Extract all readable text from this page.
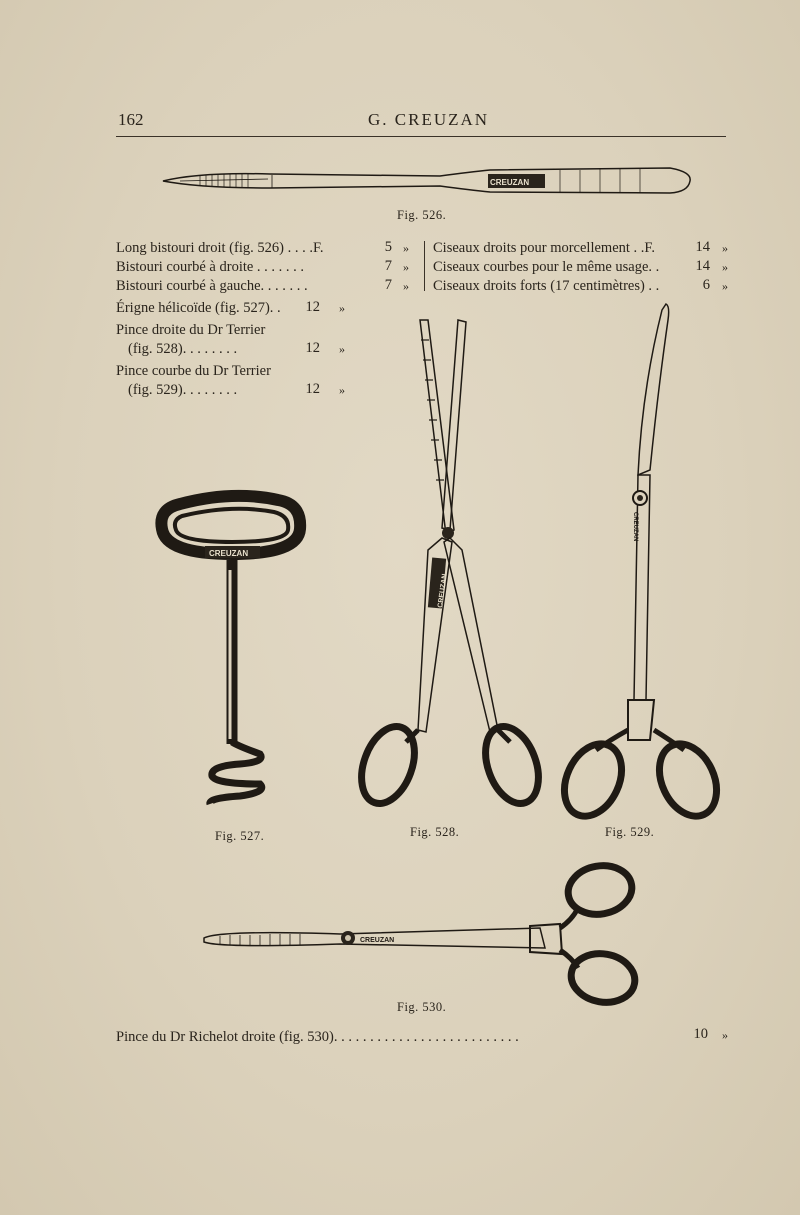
162	G. CREUZAN
CREUZAN
Fig. 526.
Long bistouri droit (fig. 526) . . . .F.	5 »
Bistouri courbé à droite . . . . . . .	7 »
Bistouri courbé à gauche. . . . . . .	7 »
Ciseaux droits pour morcellement . .F.	14 »
Ciseaux courbes pour le même usage. .	14 »
Ciseaux droits forts (17 centimètres) . .	6 »
Érigne hélicoïde (fig. 527). .	12 »
Pince droite du Dr Terrier
(fig. 528). . . . . . . .	12 »
Pince courbe du Dr Terrier
(fig. 529). . . . . . . .	12 »
CREUZAN
Fig. 527.
CREUZAN
Fig. 528.
CREUZAN
Fig. 529.
CREUZAN
Fig. 530.
Pince du Dr Richelot droite (fig. 530). . . . . . . . . . . . . . . . . . . . . . . . . .	10 »
